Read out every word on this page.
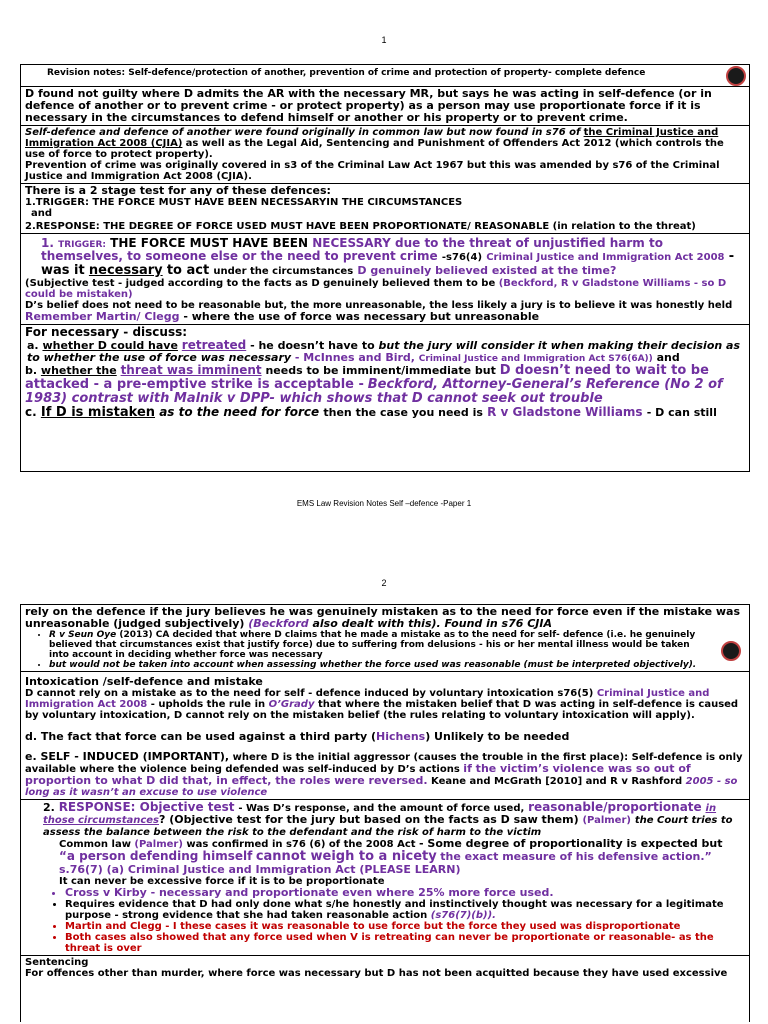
1
Revision notes: Self-defence/protection of another, prevention of crime and protection of property- complete defence
D found not guilty where D admits the AR with the necessary MR, but says he was acting in self-defence (or in defence of another or to prevent crime - or protect property) as a person may use proportionate force if it is necessary in the circumstances to defend himself or another or his property or to prevent crime.
Self-defence and defence of another were found originally in common law but now found in s76 of the Criminal Justice and Immigration Act 2008 (CJIA) as well as the Legal Aid, Sentencing and Punishment of Offenders Act 2012 (which controls the use of force to protect property).
Prevention of crime was originally covered in s3 of the Criminal Law Act 1967 but this was amended by s76 of the Criminal Justice and Immigration Act 2008 (CJIA).
There is a 2 stage test for any of these defences:
1.TRIGGER: THE FORCE MUST HAVE BEEN NECESSARYIN THE CIRCUMSTANCES
and
2.RESPONSE: THE DEGREE OF FORCE USED MUST HAVE BEEN PROPORTIONATE/ REASONABLE (in relation to the threat)
1. TRIGGER: THE FORCE MUST HAVE BEEN NECESSARY due to the threat of unjustified harm to themselves, to someone else or the need to prevent crime -s76(4) Criminal Justice and Immigration Act 2008 -was it necessary to act under the circumstances D genuinely believed existed at the time?
(Subjective test - judged according to the facts as D genuinely believed them to be (Beckford, R v Gladstone Williams - so D could be mistaken)
D’s belief does not need to be reasonable but, the more unreasonable, the less likely a jury is to believe it was honestly held
Remember Martin/ Clegg - where the use of force was necessary but unreasonable
For necessary - discuss:
a. whether D could have retreated - he doesn’t have to but the jury will consider it when making their decision as to whether the use of force was necessary - McInnes and Bird, Criminal Justice and Immigration Act S76(6A)) and
b. whether the threat was imminent needs to be imminent/immediate but D doesn’t need to wait to be attacked - a pre-emptive strike is acceptable - Beckford, Attorney-General’s Reference (No 2 of 1983) contrast with Malnik v DPP- which shows that D cannot seek out trouble
c. If D is mistaken as to the need for force then the case you need is R v Gladstone Williams - D can still
EMS Law Revision Notes Self –defence -Paper 1
2
rely on the defence if the jury believes he was genuinely mistaken as to the need for force even if the mistake was unreasonable (judged subjectively) (Beckford also dealt with this). Found in s76 CJIA
• R v Seun Oye (2013) CA decided that where D claims that he made a mistake as to the need for self- defence (i.e. he genuinely believed that circumstances exist that justify force) due to suffering from delusions - his or her mental illness would be taken into account in deciding whether force was necessary
• but would not be taken into account when assessing whether the force used was reasonable (must be interpreted objectively).
Intoxication /self-defence and mistake
D cannot rely on a mistake as to the need for self - defence induced by voluntary intoxication s76(5) Criminal Justice and Immigration Act 2008 - upholds the rule in O’Grady that where the mistaken belief that D was acting in self-defence is caused by voluntary intoxication, D cannot rely on the mistaken belief (the rules relating to voluntary intoxication will apply).
d. The fact that force can be used against a third party (Hichens) Unlikely to be needed
e. SELF - INDUCED (IMPORTANT), where D is the initial aggressor (causes the trouble in the first place): Self-defence is only available where the violence being defended was self-induced by D’s actions if the victim’s violence was so out of proportion to what D did that, in effect, the roles were reversed. Keane and McGrath [2010] and R v Rashford 2005 - so long as it wasn’t an excuse to use violence
2. RESPONSE: Objective test - Was D’s response, and the amount of force used, reasonable/proportionate in those circumstances? (Objective test for the jury but based on the facts as D saw them) (Palmer) the Court tries to assess the balance between the risk to the defendant and the risk of harm to the victim
Common law (Palmer) was confirmed in s76 (6) of the 2008 Act - Some degree of proportionality is expected but “a person defending himself cannot weigh to a nicety the exact measure of his defensive action.” s.76(7) (a) Criminal Justice and Immigration Act (PLEASE LEARN)
It can never be excessive force if it is to be proportionate
• Cross v Kirby - necessary and proportionate even where 25% more force used.
• Requires evidence that D had only done what s/he honestly and instinctively thought was necessary for a legitimate purpose - strong evidence that she had taken reasonable action (s76(7)(b)).
• Martin and Clegg - I these cases it was reasonable to use force but the force they used was disproportionate
• Both cases also showed that any force used when V is retreating can never be proportionate or reasonable- as the threat is over
Sentencing
For offences other than murder, where force was necessary but D has not been acquitted because they have used excessive
